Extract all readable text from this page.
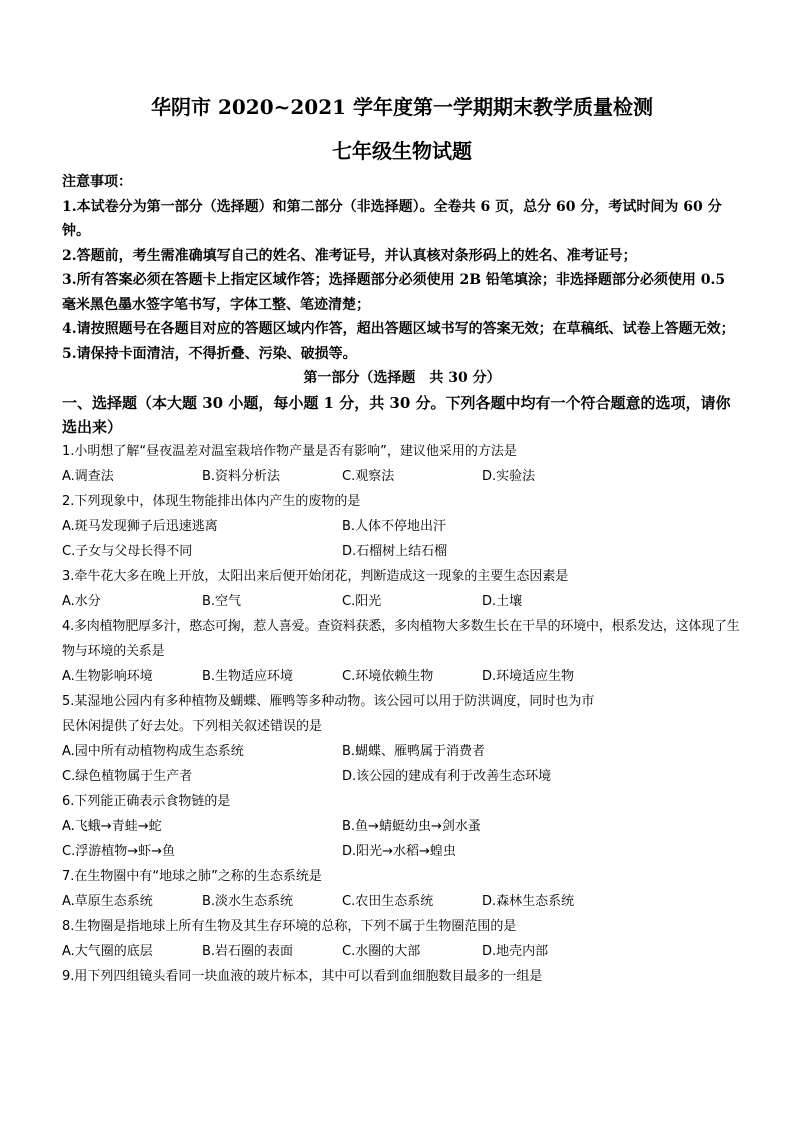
华阴市 2020~2021 学年度第一学期期末教学质量检测
七年级生物试题
注意事项：
1.本试卷分为第一部分（选择题）和第二部分（非选择题）。全卷共 6 页，总分 60 分，考试时间为 60 分钟。
2.答题前，考生需准确填写自己的姓名、准考证号，并认真核对条形码上的姓名、准考证号；
3.所有答案必须在答题卡上指定区域作答；选择题部分必须使用 2B 铅笔填涂；非选择题部分必须使用 0.5 毫米黑色墨水签字笔书写，字体工整、笔迹清楚；
4.请按照题号在各题目对应的答题区域内作答，超出答题区域书写的答案无效；在草稿纸、试卷上答题无效；
5.请保持卡面清洁，不得折叠、污染、破损等。
第一部分（选择题　共 30 分）
一、选择题（本大题 30 小题，每小题 1 分，共 30 分。下列各题中均有一个符合题意的选项，请你选出来）
1.小明想了解“昼夜温差对温室栽培作物产量是否有影响”，建议他采用的方法是
A.调查法	B.资料分析法	C.观察法	D.实验法
2.下列现象中，体现生物能排出体内产生的废物的是
A.斑马发现狮子后迅速逃离	B.人体不停地出汗
C.子女与父母长得不同	D.石榴树上结石榴
3.牵牛花大多在晚上开放，太阳出来后便开始闭花，判断造成这一现象的主要生态因素是
A.水分	B.空气	C.阳光	D.土壤
4.多肉植物肥厚多汁，憨态可掬，惹人喜爱。查资料获悉，多肉植物大多数生长在干旱的环境中，根系发达，这体现了生物与环境的关系是
A.生物影响环境	B.生物适应环境	C.环境依赖生物	D.环境适应生物
5.某湿地公园内有多种植物及蝴蝶、雁鸭等多种动物。该公园可以用于防洪调度，同时也为市
民休闲提供了好去处。下列相关叙述错误的是
A.园中所有动植物构成生态系统	B.蝴蝶、雁鸭属于消费者
C.绿色植物属于生产者	D.该公园的建成有利于改善生态环境
6.下列能正确表示食物链的是
A.飞蛾→青蛙→蛇	B.鱼→蜻蜓幼虫→剑水蚤
C.浮游植物→虾→鱼	D.阳光→水稻→蝗虫
7.在生物圈中有“地球之肺”之称的生态系统是
A.草原生态系统	B.淡水生态系统	C.农田生态系统	D.森林生态系统
8.生物圈是指地球上所有生物及其生存环境的总称，下列不属于生物圈范围的是
A.大气圈的底层	B.岩石圈的表面	C.水圈的大部	D.地壳内部
9.用下列四组镜头看同一块血液的玻片标本，其中可以看到血细胞数目最多的一组是
